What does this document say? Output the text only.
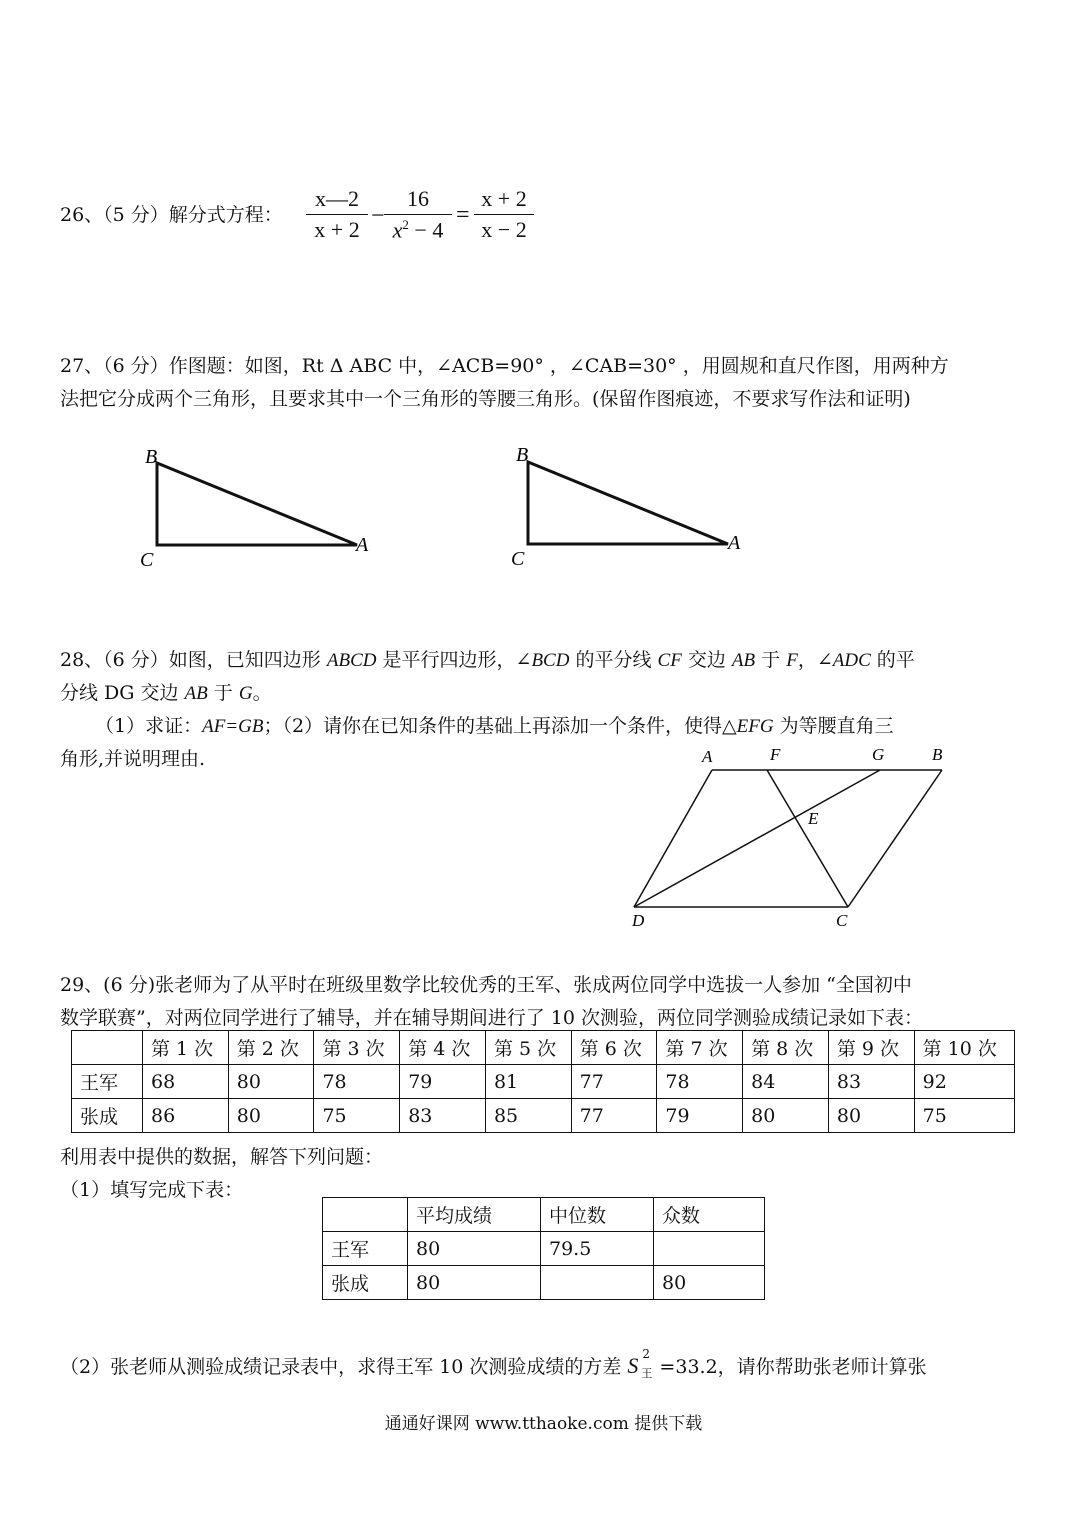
26、（5 分）解分式方程： $\frac{x—2}{x + 2} - \frac{16}{x^2 - 4} = \frac{x + 2}{x - 2}$
27、（6 分）作图题：如图，Rt Δ ABC 中，∠ACB=90° ，∠CAB=30° ，用圆规和直尺作图，用两种方
法把它分成两个三角形，且要求其中一个三角形的等腰三角形。(保留作图痕迹，不要求写作法和证明)
B
C
A
B
C
A
28、（6 分）如图，已知四边形 ABCD 是平行四边形，∠BCD 的平分线 CF 交边 AB 于 F，∠ADC 的平
分线 DG 交边 AB 于 G。
（1）求证：AF=GB；（2）请你在已知条件的基础上再添加一个条件，使得△EFG 为等腰直角三
角形,并说明理由.	A	F	G	B
E
D	C
29、(6 分)张老师为了从平时在班级里数学比较优秀的王军、张成两位同学中选拔一人参加 “全国初中
数学联赛”，对两位同学进行了辅导，并在辅导期间进行了 10 次测验，两位同学测验成绩记录如下表：
	第 1 次	第 2 次	第 3 次	第 4 次	第 5 次	第 6 次	第 7 次	第 8 次	第 9 次	第 10 次
王军	68	80	78	79	81	77	78	84	83	92
张成	86	80	75	83	85	77	79	80	80	75
利用表中提供的数据，解答下列问题：
（1）填写完成下表：
	平均成绩	中位数	众数
王军	80	79.5	
张成	80		80
（2）张老师从测验成绩记录表中，求得王军 10 次测验成绩的方差 S 2
王 =33.2，请你帮助张老师计算张
通通好课网 www.tthaoke.com 提供下载
